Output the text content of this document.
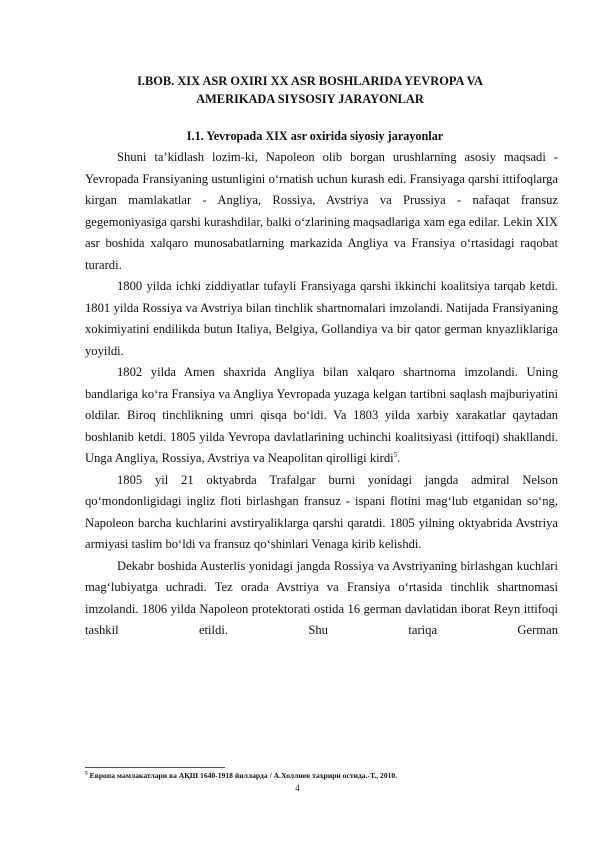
I.BOB. XIX ASR OXIRI XX ASR BOSHLARIDA YEVROPA VA AMERIKADA SIYSOSIY JARAYONLAR
I.1. Yevropada XIX asr oxirida siyosiy jarayonlar

Shuni ta’kidlash lozim-ki, Napoleon olib borgan urushlarning asosiy maqsadi - Yevropada Fransiyaning ustunligini o‘rnatish uchun kurash edi. Fransiyaga qarshi ittifoqlarga kirgan mamlakatlar - Angliya, Rossiya, Avstriya va Prussiya - nafaqat fransuz gegemoniyasiga qarshi kurashdilar, balki o‘zlarining maqsadlariga xam ega edilar. Lekin XIX asr boshida xalqaro munosabatlarning markazida Angliya va Fransiya o‘rtasidagi raqobat turardi.

1800 yilda ichki ziddiyatlar tufayli Fransiyaga qarshi ikkinchi koalitsiya tarqab ketdi. 1801 yilda Rossiya va Avstriya bilan tinchlik shartnomalari imzolandi. Natijada Fransiyaning xokimiyatini endilikda butun Italiya, Belgiya, Gollandiya va bir qator german knyazliklariga yoyildi.

1802 yilda Amen shaxrida Angliya bilan xalqaro shartnoma imzolandi. Uning bandlariga ko‘ra Fransiya va Angliya Yevropada yuzaga kelgan tartibni saqlash majburiyatini oldilar. Biroq tinchlikning umri qisqa bo‘ldi. Va 1803 yilda xarbiy xarakatlar qaytadan boshlanib ketdi. 1805 yilda Yevropa davlatlarining uchinchi koalitsiyasi (ittifoqi) shakllandi. Unga Angliya, Rossiya, Avstriya va Neapolitan qirolligi kirdi$^5$.

1805 yil 21 oktyabrda Trafalgar burni yonidagi jangda admiral Nelson qo‘mondonligidagi ingliz floti birlashgan fransuz - ispani flotini mag‘lub etganidan so‘ng, Napoleon barcha kuchlarini avstiryaliklarga qarshi qaratdi. 1805 yilning oktyabrida Avstriya armiyasi taslim bo‘ldi va fransuz qo‘shinlari Venaga kirib kelishdi.

Dekabr boshida Austerlis yonidagi jangda Rossiya va Avstriyaning birlashgan kuchlari mag‘lubiyatga uchradi. Tez orada Avstriya va Fransiya o‘rtasida tinchlik shartnomasi imzolandi. 1806 yilda Napoleon protektorati ostida 16 german davlatidan iborat Reyn ittifoqi tashkil etildi. Shu tariqa German

$^5$ Европа мамлакатлари ва АҚШ 1640-1918 йилларда / А.Холлиев таҳрири остида.-Т., 2010.

4
